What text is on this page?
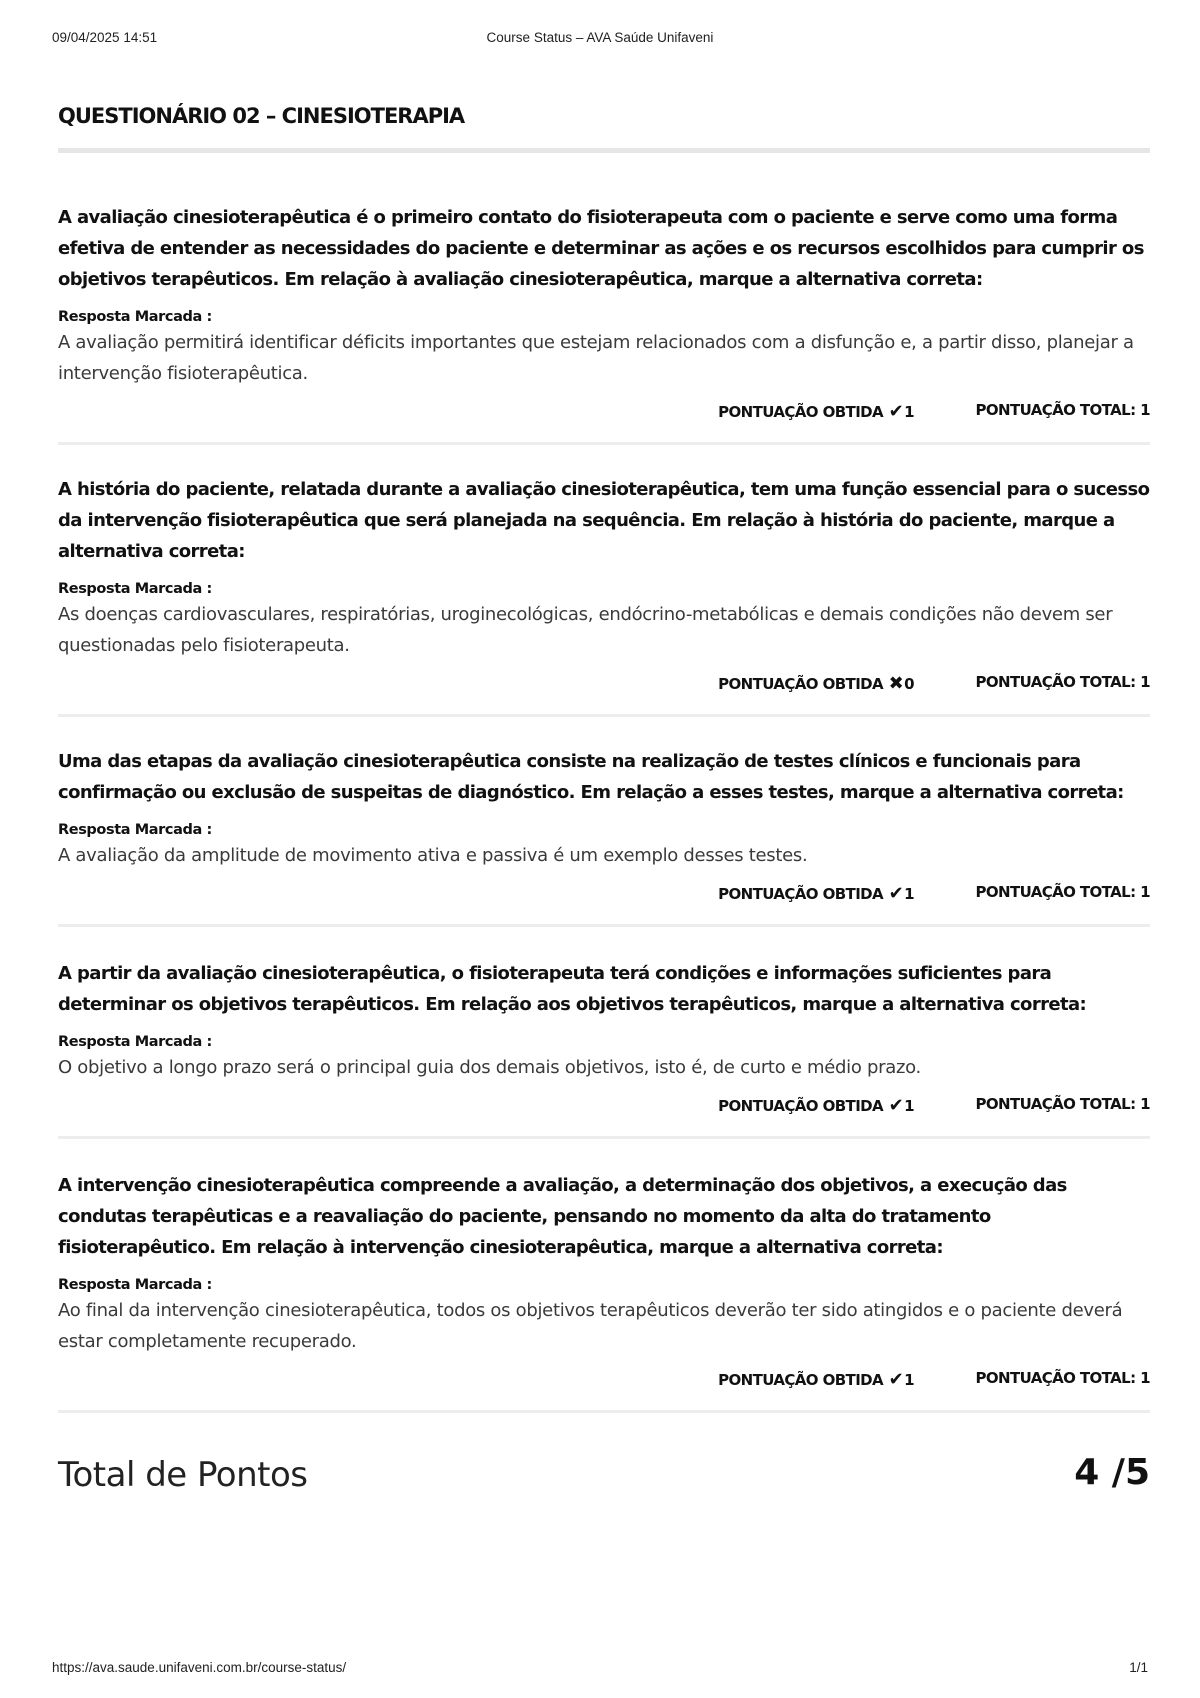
09/04/2025 14:51	Course Status – AVA Saúde Unifaveni
QUESTIONÁRIO 02 – CINESIOTERAPIA

A avaliação cinesioterapêutica é o primeiro contato do fisioterapeuta com o paciente e serve como uma forma efetiva de entender as necessidades do paciente e determinar as ações e os recursos escolhidos para cumprir os objetivos terapêuticos. Em relação à avaliação cinesioterapêutica, marque a alternativa correta:

Resposta Marcada :

A avaliação permitirá identificar déficits importantes que estejam relacionados com a disfunção e, a partir disso, planejar a intervenção fisioterapêutica.

PONTUAÇÃO OBTIDA ✔1	PONTUAÇÃO TOTAL: 1

A história do paciente, relatada durante a avaliação cinesioterapêutica, tem uma função essencial para o sucesso da intervenção fisioterapêutica que será planejada na sequência. Em relação à história do paciente, marque a alternativa correta:

Resposta Marcada :

As doenças cardiovasculares, respiratórias, uroginecológicas, endócrino-metabólicas e demais condições não devem ser questionadas pelo fisioterapeuta.

PONTUAÇÃO OBTIDA ✖0	PONTUAÇÃO TOTAL: 1

Uma das etapas da avaliação cinesioterapêutica consiste na realização de testes clínicos e funcionais para confirmação ou exclusão de suspeitas de diagnóstico. Em relação a esses testes, marque a alternativa correta:

Resposta Marcada :

A avaliação da amplitude de movimento ativa e passiva é um exemplo desses testes.

PONTUAÇÃO OBTIDA ✔1	PONTUAÇÃO TOTAL: 1

A partir da avaliação cinesioterapêutica, o fisioterapeuta terá condições e informações suficientes para determinar os objetivos terapêuticos. Em relação aos objetivos terapêuticos, marque a alternativa correta:

Resposta Marcada :

O objetivo a longo prazo será o principal guia dos demais objetivos, isto é, de curto e médio prazo.

PONTUAÇÃO OBTIDA ✔1	PONTUAÇÃO TOTAL: 1

A intervenção cinesioterapêutica compreende a avaliação, a determinação dos objetivos, a execução das condutas terapêuticas e a reavaliação do paciente, pensando no momento da alta do tratamento fisioterapêutico. Em relação à intervenção cinesioterapêutica, marque a alternativa correta:

Resposta Marcada :

Ao final da intervenção cinesioterapêutica, todos os objetivos terapêuticos deverão ter sido atingidos e o paciente deverá estar completamente recuperado.

PONTUAÇÃO OBTIDA ✔1	PONTUAÇÃO TOTAL: 1
Total de Pontos	4 /5
https://ava.saude.unifaveni.com.br/course-status/	1/1
